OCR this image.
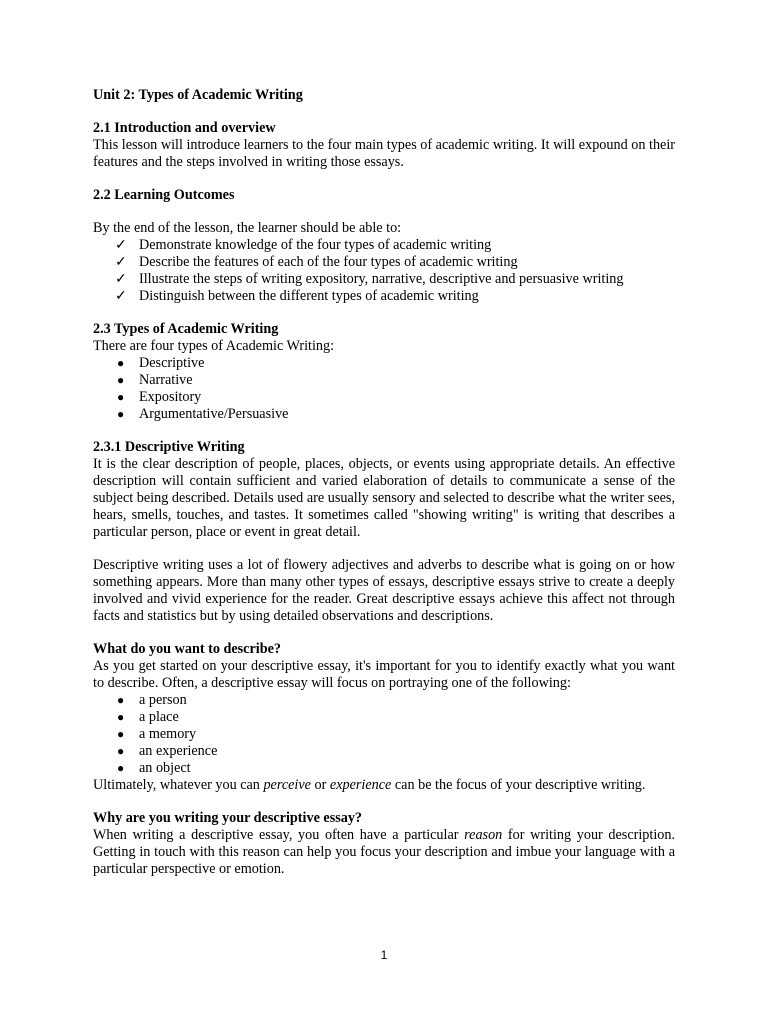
Unit 2: Types of Academic Writing

2.1 Introduction and overview

This lesson will introduce learners to the four main types of academic writing. It will expound on their features and the steps involved in writing those essays.

2.2 Learning Outcomes

By the end of the lesson, the learner should be able to:

✓ Demonstrate knowledge of the four types of academic writing
✓ Describe the features of each of the four types of academic writing
✓ Illustrate the steps of writing expository, narrative, descriptive and persuasive writing
✓ Distinguish between the different types of academic writing

2.3 Types of Academic Writing

There are four types of Academic Writing:

● Descriptive
● Narrative
● Expository
● Argumentative/Persuasive

2.3.1 Descriptive Writing

It is the clear description of people, places, objects, or events using appropriate details. An effective description will contain sufficient and varied elaboration of details to communicate a sense of the subject being described. Details used are usually sensory and selected to describe what the writer sees, hears, smells, touches, and tastes. It sometimes called "showing writing" is writing that describes a particular person, place or event in great detail.

Descriptive writing uses a lot of flowery adjectives and adverbs to describe what is going on or how something appears. More than many other types of essays, descriptive essays strive to create a deeply involved and vivid experience for the reader. Great descriptive essays achieve this affect not through facts and statistics but by using detailed observations and descriptions.

What do you want to describe?

As you get started on your descriptive essay, it's important for you to identify exactly what you want to describe. Often, a descriptive essay will focus on portraying one of the following:

● a person
● a place
● a memory
● an experience
● an object

Ultimately, whatever you can perceive or experience can be the focus of your descriptive writing.

Why are you writing your descriptive essay?

When writing a descriptive essay, you often have a particular reason for writing your description. Getting in touch with this reason can help you focus your description and imbue your language with a particular perspective or emotion.

1
